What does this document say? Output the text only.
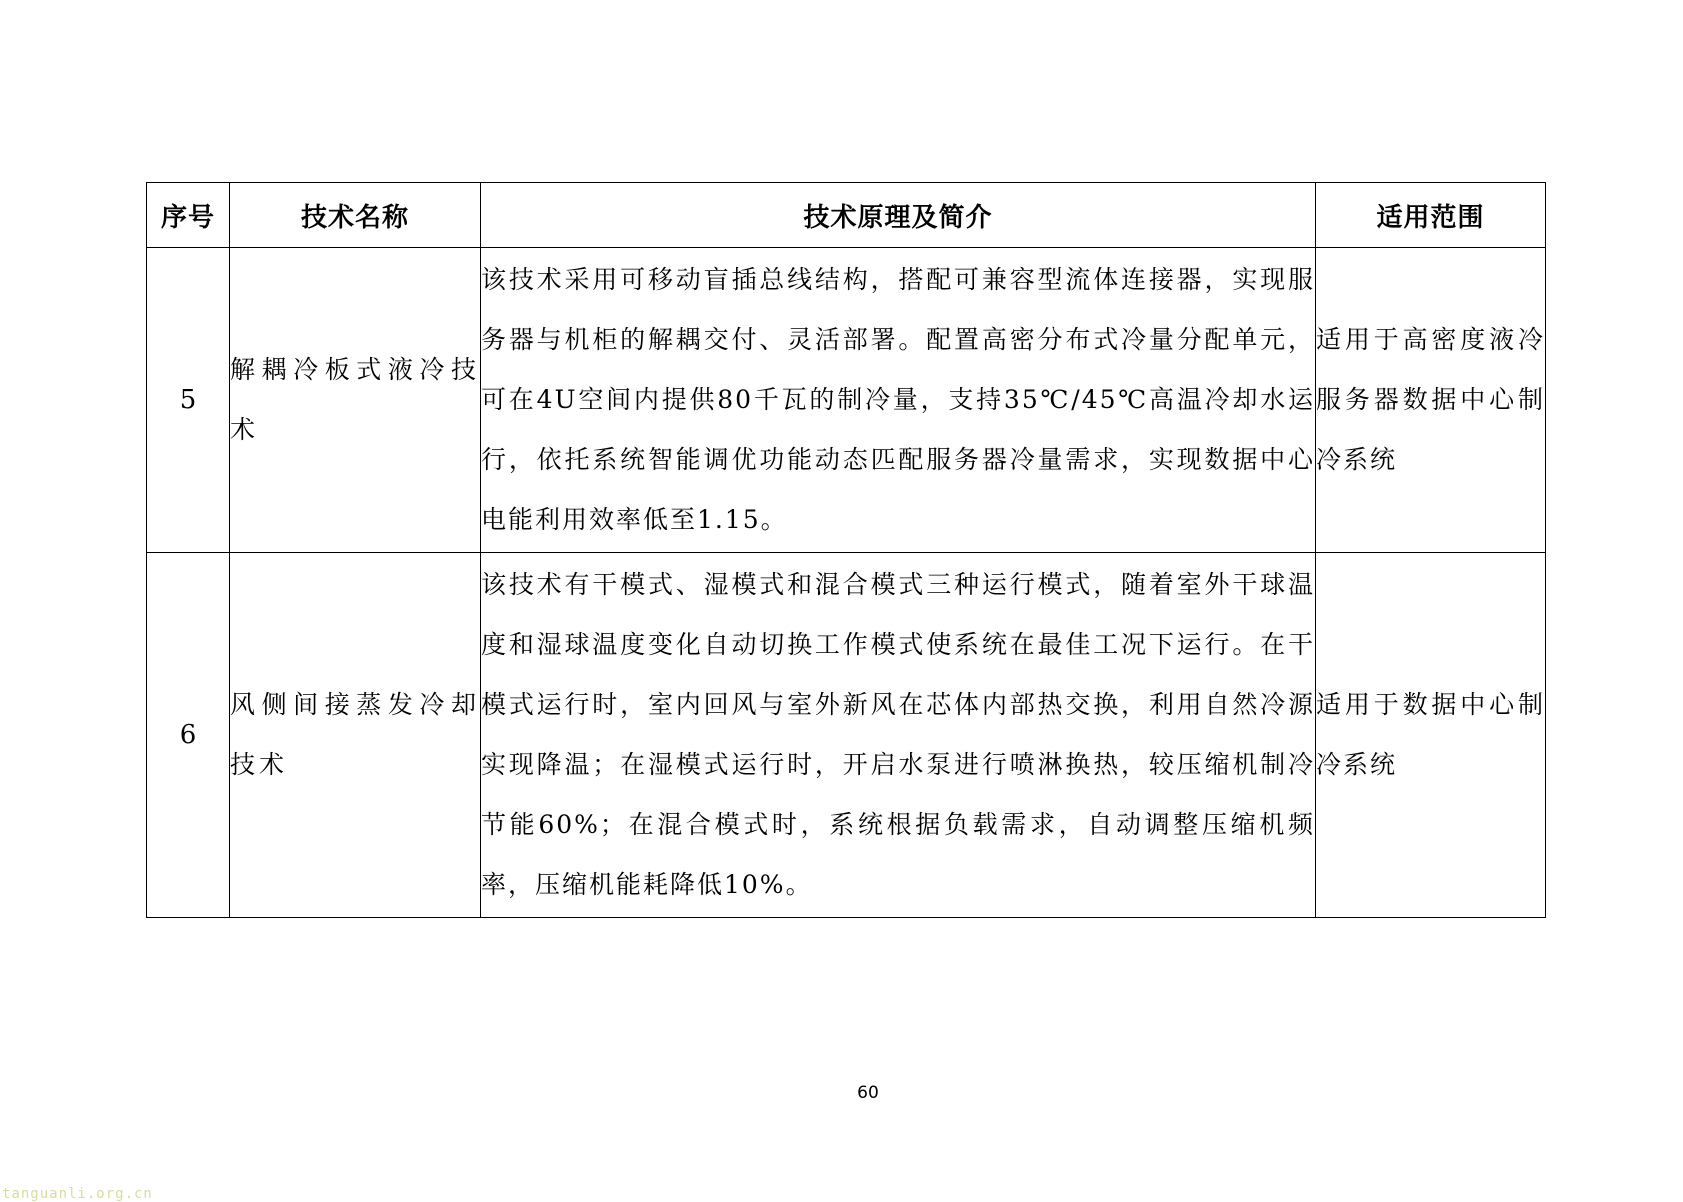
序号	技术名称	技术原理及简介	适用范围
5	解耦冷板式液冷技术	该技术采用可移动盲插总线结构，搭配可兼容型流体连接器，实现服务器与机柜的解耦交付、灵活部署。配置高密分布式冷量分配单元，可在4U空间内提供80千瓦的制冷量，支持35℃/45℃高温冷却水运行，依托系统智能调优功能动态匹配服务器冷量需求，实现数据中心电能利用效率低至1.15。	适用于高密度液冷服务器数据中心制冷系统
6	风侧间接蒸发冷却技术	该技术有干模式、湿模式和混合模式三种运行模式，随着室外干球温度和湿球温度变化自动切换工作模式使系统在最佳工况下运行。在干模式运行时，室内回风与室外新风在芯体内部热交换，利用自然冷源实现降温；在湿模式运行时，开启水泵进行喷淋换热，较压缩机制冷节能60%；在混合模式时，系统根据负载需求，自动调整压缩机频率，压缩机能耗降低10%。	适用于数据中心制冷系统
60
tanguanli.org.cn
